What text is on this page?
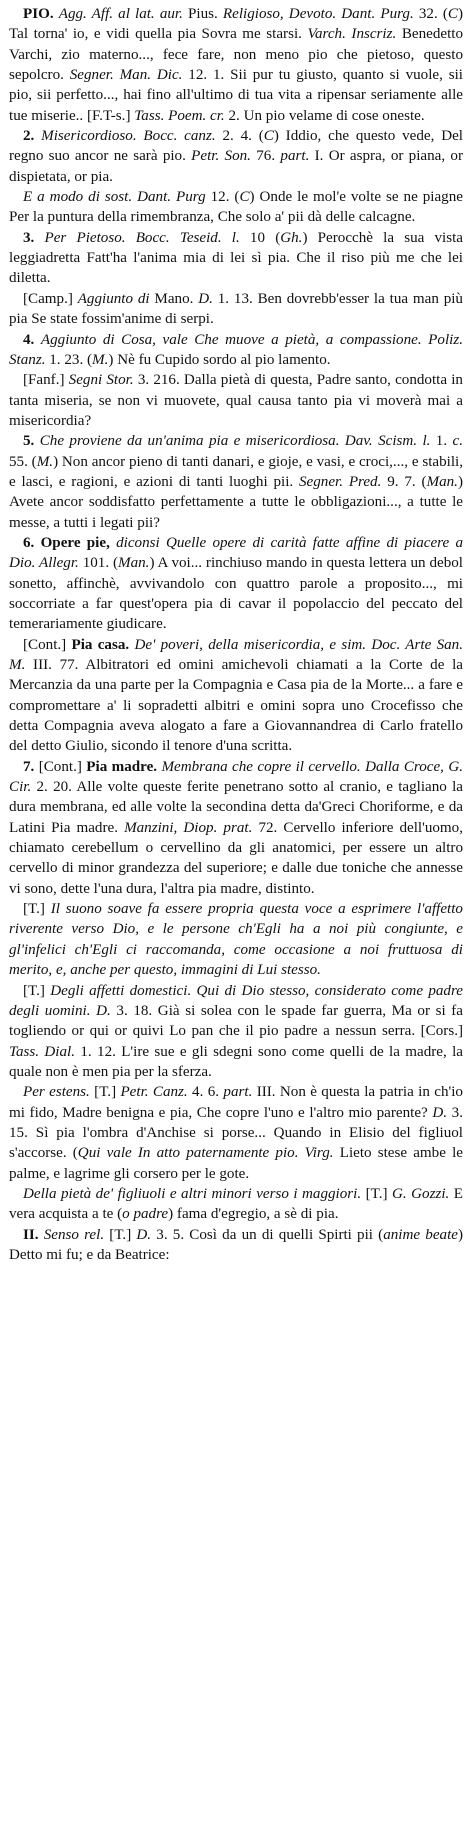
PIO. Agg. Aff. al lat. aur. Pius. Religioso, Devoto. Dant. Purg. 32. (C) Tal torna' io, e vidi quella pia Sovra me starsi. Varch. Inscriz. Benedetto Varchi, zio materno..., fece fare, non meno pio che pietoso, questo sepolcro. Segner. Man. Dic. 12. 1. Sii pur tu giusto, quanto si vuole, sii pio, sii perfetto..., hai fino all'ultimo di tua vita a ripensar seriamente alle tue miserie.. [F.T-s.] Tass. Poem. cr. 2. Un pio velame di cose oneste.

2. Misericordioso. Bocc. canz. 2. 4. (C) Iddio, che questo vede, Del regno suo ancor ne sarà pio. Petr. Son. 76. part. I. Or aspra, or piana, or dispietata, or pia.

E a modo di sost. Dant. Purg 12. (C) Onde le mol'e volte se ne piagne Per la puntura della rimembranza, Che solo a' pii dà delle calcagne.

3. Per Pietoso. Bocc. Teseid. l. 10 (Gh.) Perocchè la sua vista leggiadretta Fatt'ha l'anima mia di lei sì pia. Che il riso più me che lei diletta.

[Camp.] Aggiunto di Mano. D. 1. 13. Ben dovrebb'esser la tua man più pia Se state fossim'anime di serpi.

4. Aggiunto di Cosa, vale Che muove a pietà, a compassione. Poliz. Stanz. 1. 23. (M.) Nè fu Cupido sordo al pio lamento.

[Fanf.] Segni Stor. 3. 216. Dalla pietà di questa, Padre santo, condotta in tanta miseria, se non vi muovete, qual causa tanto pia vi moverà mai a misericordia?

5. Che proviene da un'anima pia e misericordiosa. Dav. Scism. l. 1. c. 55. (M.) Non ancor pieno di tanti danari, e gioje, e vasi, e croci,..., e stabili, e lasci, e ragioni, e azioni di tanti luoghi pii. Segner. Pred. 9. 7. (Man.) Avete ancor soddisfatto perfettamente a tutte le obbligazioni..., a tutte le messe, a tutti i legati pii?

6. Opere pie, diconsi Quelle opere di carità fatte affine di piacere a Dio. Allegr. 101. (Man.) A voi... rinchiuso mando in questa lettera un debol sonetto, affinchè, avvivandolo con quattro parole a proposito..., mi soccorriate a far quest'opera pia di cavar il popolaccio del peccato del temerariamente giudicare.

[Cont.] Pia casa. De' poveri, della misericordia, e sim. Doc. Arte San. M. III. 77. Albitratori ed omini amichevoli chiamati a la Corte de la Mercanzia da una parte per la Compagnia e Casa pia de la Morte... a fare e compromettare a' li sopradetti albitri e omini sopra uno Crocefisso che detta Compagnia aveva alogato a fare a Giovannandrea di Carlo fratello del detto Giulio, sicondo il tenore d'una scritta.

7. [Cont.] Pia madre. Membrana che copre il cervello. Dalla Croce, G. Cir. 2. 20. Alle volte queste ferite penetrano sotto al cranio, e tagliano la dura membrana, ed alle volte la secondina detta da'Greci Choriforme, e da Latini Pia madre. Manzini, Diop. prat. 72. Cervello inferiore dell'uomo, chiamato cerebellum o cervellino da gli anatomici, per essere un altro cervello di minor grandezza del superiore; e dalle due toniche che annesse vi sono, dette l'una dura, l'altra pia madre, distinto.

[T.] Il suono soave fa essere propria questa voce a esprimere l'affetto riverente verso Dio, e le persone ch'Egli ha a noi più congiunte, e gl'infelici ch'Egli ci raccomanda, come occasione a noi fruttuosa di merito, e, anche per questo, immagini di Lui stesso.

[T.] Degli affetti domestici. Qui di Dio stesso, considerato come padre degli uomini. D. 3. 18. Già si solea con le spade far guerra, Ma or si fa togliendo or qui or quivi Lo pan che il pio padre a nessun serra. [Cors.] Tass. Dial. 1. 12. L'ire sue e gli sdegni sono come quelli de la madre, la quale non è men pia per la sferza.

Per estens. [T.] Petr. Canz. 4. 6. part. III. Non è questa la patria in ch'io mi fido, Madre benigna e pia, Che copre l'uno e l'altro mio parente? D. 3. 15. Sì pia l'ombra d'Anchise si porse... Quando in Elisio del figliuol s'accorse. (Qui vale In atto paternamente pio. Virg. Lieto stese ambe le palme, e lagrime gli corsero per le gote.

Della pietà de' figliuoli e altri minori verso i maggiori. [T.] G. Gozzi. E vera acquista a te (o padre) fama d'egregio, a sè di pia.

II. Senso rel. [T.] D. 3. 5. Così da un di quelli Spirti pii (anime beate) Detto mi fu; e da Beatrice:
